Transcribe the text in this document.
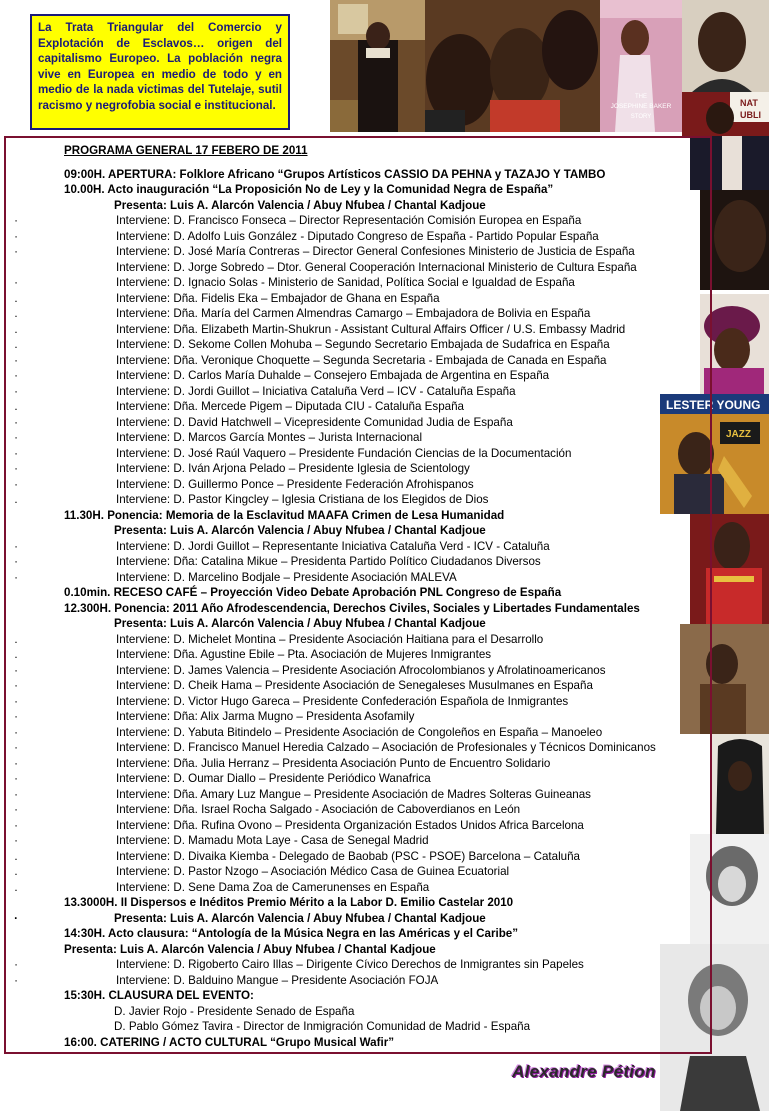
La Trata Triangular del Comercio y Explotación de Esclavos… origen del capitalismo Europeo. La población negra vive en Europea en medio de todo y en medio de la nada victimas del Tutelaje, sutil racismo y negrofobia social e institucional.
THE
JOSEPHINE BAKER
STORY
NAT
UBLI
LESTER YOUNG
JAZZ
PROGRAMA GENERAL 17 FEBERO DE 2011
09:00H. APERTURA: Folklore Africano “Grupos Artísticos CASSIO DA PEHNA y TAZAJO Y TAMBO
10.00H. Acto inauguración “La Proposición No de Ley y la Comunidad Negra de España”
Presenta: Luis A. Alarcón Valencia / Abuy Nfubea / Chantal Kadjoue
·	Interviene: D. Francisco Fonseca – Director Representación Comisión Europea en España
·	Interviene: D. Adolfo Luis González - Diputado Congreso de España - Partido Popular España
·	Interviene: D. José María Contreras – Director General Confesiones Ministerio de Justicia de España
Interviene: D. Jorge Sobredo – Dtor. General Cooperación Internacional Ministerio de Cultura España
·	Interviene: D. Ignacio Solas - Ministerio de Sanidad, Política Social e Igualdad de España
.	Interviene: Dña. Fidelis Eka – Embajador de Ghana en España
.	Interviene: Dña. María del Carmen Almendras Camargo – Embajadora de Bolivia en España
.	Interviene: Dña. Elizabeth Martin-Shukrun - Assistant Cultural Affairs Officer / U.S. Embassy Madrid
.	Interviene: D. Sekome Collen Mohuba – Segundo Secretario Embajada de Sudafrica en España
·	Interviene: Dña. Veronique Choquette – Segunda Secretaria - Embajada de Canada en España
·	Interviene: D. Carlos María Duhalde – Consejero Embajada de Argentina en España
·	Interviene: D. Jordi Guillot – Iniciativa Cataluña Verd – ICV - Cataluña España
.	Interviene: Dña. Mercede Pigem – Diputada CIU - Cataluña España
·	Interviene: D. David Hatchwell – Vicepresidente Comunidad Judia de España
·	Interviene: D. Marcos García Montes – Jurista Internacional
·	Interviene: D. José Raúl Vaquero – Presidente Fundación Ciencias de la Documentación
·	Interviene: D. Iván Arjona Pelado – Presidente Iglesia de Scientology
·	Interviene: D. Guillermo Ponce – Presidente Federación Afrohispanos
.	Interviene: D. Pastor Kingcley – Iglesia Cristiana de los Elegidos de Dios
11.30H. Ponencia: Memoria de la Esclavitud MAAFA Crimen de Lesa Humanidad
Presenta: Luis A. Alarcón Valencia / Abuy Nfubea / Chantal Kadjoue
·	Interviene: D. Jordi Guillot – Representante Iniciativa Cataluña Verd - ICV - Cataluña
·	Interviene: Dña: Catalina Mikue – Presidenta Partido Político Ciudadanos Diversos
·	Interviene: D. Marcelino Bodjale – Presidente Asociación MALEVA
0.10min. RECESO CAFÉ – Proyección Video Debate Aprobación PNL Congreso de España
12.300H. Ponencia: 2011 Año Afrodescendencia, Derechos Civiles, Sociales y Libertades Fundamentales
Presenta: Luis A. Alarcón Valencia / Abuy Nfubea / Chantal Kadjoue
.	Interviene: D. Michelet Montina – Presidente Asociación Haitiana para el Desarrollo
.	Interviene: Dña. Agustine Ebile – Pta. Asociación de Mujeres Inmigrantes
·	Interviene: D. James Valencia – Presidente Asociación Afrocolombianos y Afrolatinoamericanos
·	Interviene: D. Cheik Hama – Presidente Asociación de Senegaleses Musulmanes en España
·	Interviene: D. Victor Hugo Gareca – Presidente Confederación Española de Inmigrantes
·	Interviene: Dña: Alix Jarma Mugno – Presidenta Asofamily
·	Interviene: D. Yabuta Bitindelo – Presidente Asociación de Congoleños en España – Manoeleo
·	Interviene: D. Francisco Manuel Heredia Calzado – Asociación de Profesionales y Técnicos Dominicanos
·	Interviene: Dña. Julia Herranz – Presidenta Asociación Punto de Encuentro Solidario
·	Interviene: D. Oumar Diallo – Presidente Periódico Wanafrica
·	Interviene: Dña. Amary Luz Mangue – Presidente Asociación de Madres Solteras Guineanas
·	Interviene: Dña. Israel Rocha Salgado - Asociación de Caboverdianos en León
·	Interviene: Dña. Rufina Ovono – Presidenta Organización Estados Unidos Africa Barcelona
·	Interviene: D. Mamadu Mota Laye - Casa de Senegal Madrid
.	Interviene: D. Divaika Kiemba - Delegado de Baobab (PSC - PSOE) Barcelona – Cataluña
.	Interviene: D. Pastor Nzogo – Asociación Médico Casa de Guinea Ecuatorial
.	Interviene: D. Sene Dama Zoa de Camerunenses en España
13.3000H. II Dispersos e Inéditos Premio Mérito a la Labor D. Emilio Castelar 2010
·	Presenta: Luis A. Alarcón Valencia / Abuy Nfubea / Chantal Kadjoue
14:30H. Acto clausura: “Antología de la Música Negra en las Américas y el Caribe”
Presenta: Luis A. Alarcón Valencia / Abuy Nfubea / Chantal Kadjoue
·	Interviene: D. Rigoberto Cairo Illas – Dirigente Cívico Derechos de Inmigrantes sin Papeles
·	Interviene: D. Balduino Mangue – Presidente Asociación FOJA
15:30H. CLAUSURA DEL EVENTO:
D. Javier Rojo - Presidente Senado de España
D. Pablo Gómez Tavira - Director de Inmigración Comunidad de Madrid - España
16:00. CATERING / ACTO CULTURAL “Grupo Musical Wafir”
Alexandre Pétion
